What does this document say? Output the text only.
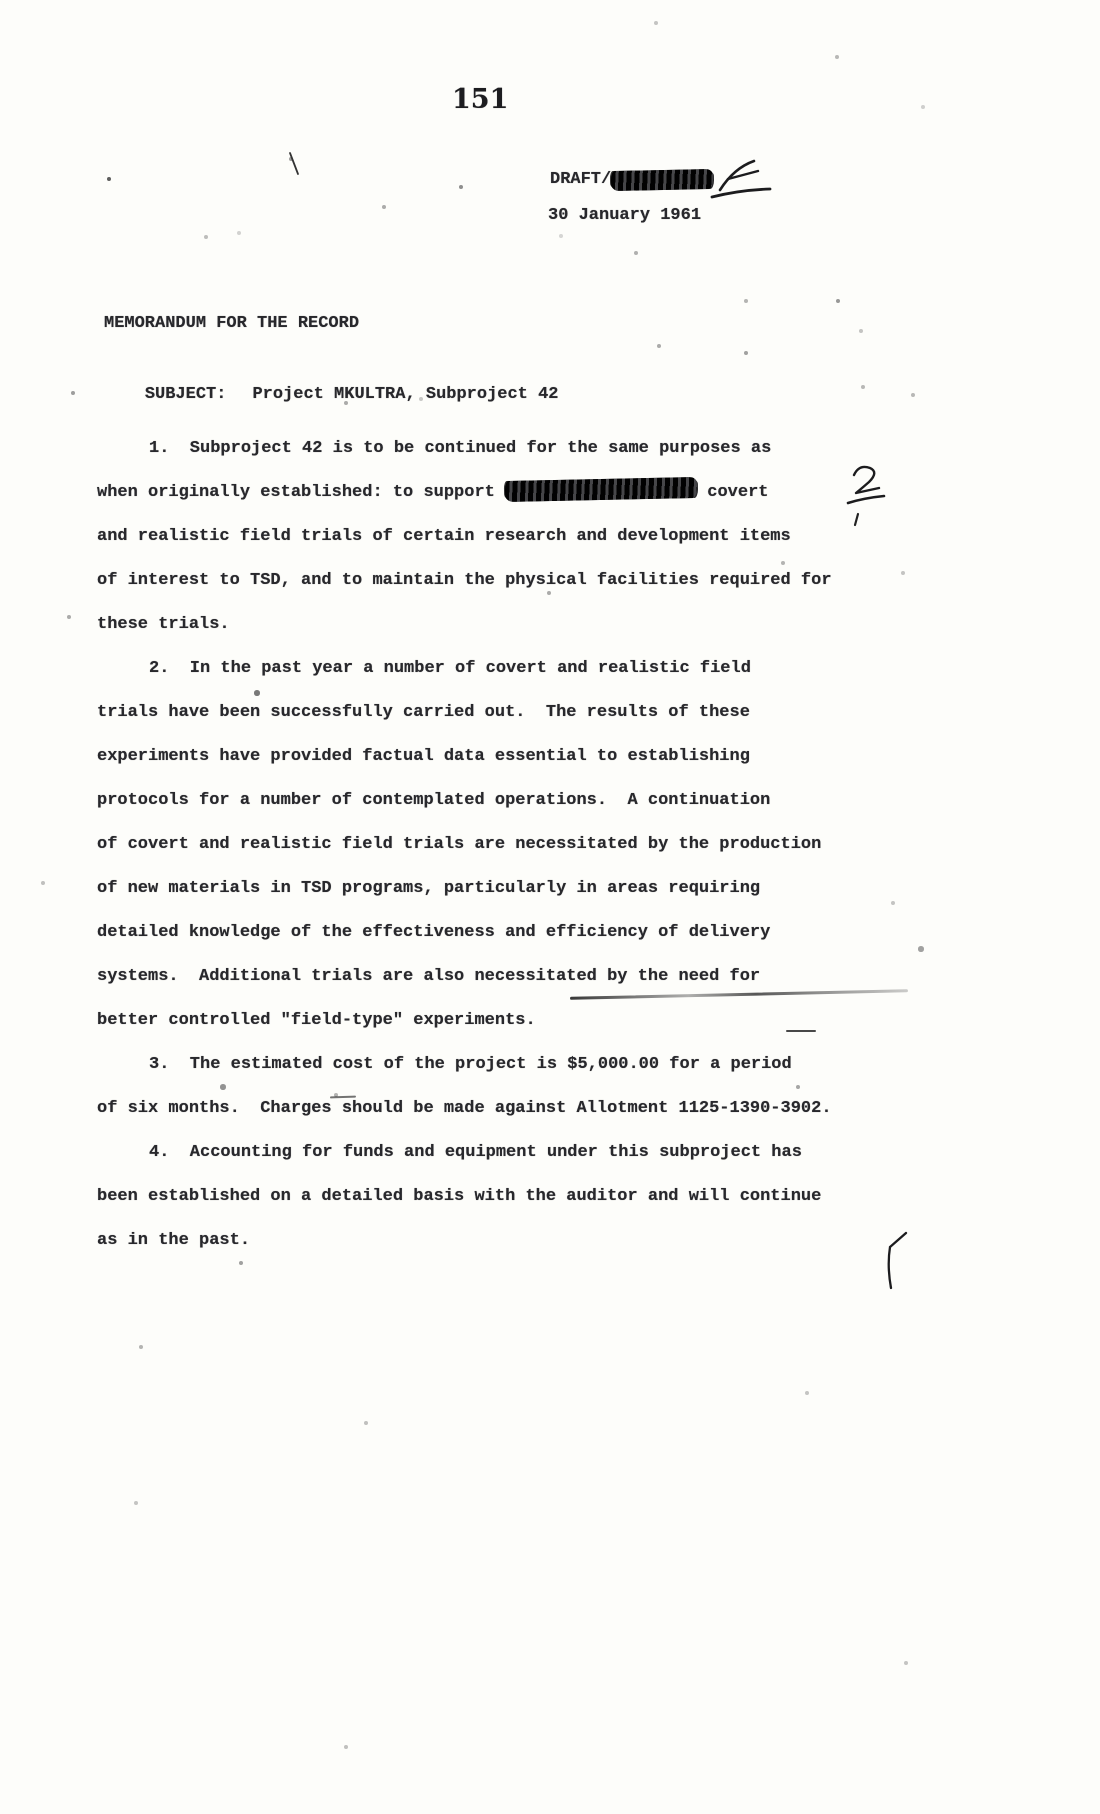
151
DRAFT/
30 January 1961
MEMORANDUM FOR THE RECORD

SUBJECT: Project MKULTRA, Subproject 42

1.  Subproject 42 is to be continued for the same purposes as
when originally established: to support	covert
and realistic field trials of certain research and development items
of interest to TSD, and to maintain the physical facilities required for
these trials.
2.  In the past year a number of covert and realistic field
trials have been successfully carried out.  The results of these
experiments have provided factual data essential to establishing
protocols for a number of contemplated operations.  A continuation
of covert and realistic field trials are necessitated by the production
of new materials in TSD programs, particularly in areas requiring
detailed knowledge of the effectiveness and efficiency of delivery
systems.  Additional trials are also necessitated by the need for
better controlled "field-type" experiments.
3.  The estimated cost of the project is $5,000.00 for a period
of six months.  Charges should be made against Allotment 1125-1390-3902.
4.  Accounting for funds and equipment under this subproject has
been established on a detailed basis with the auditor and will continue
as in the past.
